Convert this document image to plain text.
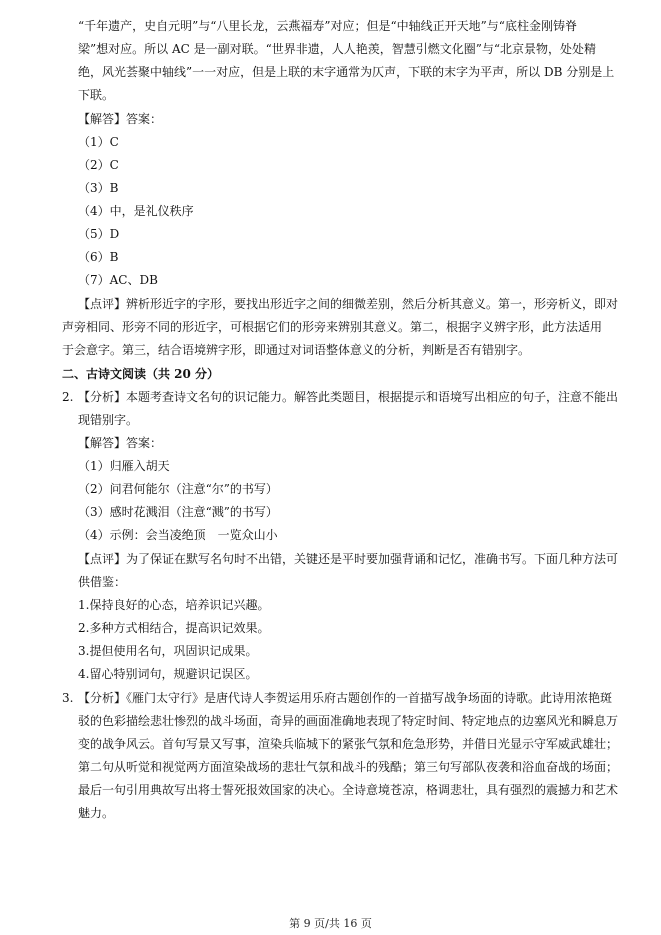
“千年遗产，史自元明”与“八里长龙，云燕福寿”对应；但是“中轴线正开天地”与“底柱金刚铸脊
梁”想对应。所以 AC 是一副对联。“世界非遗，人人艳羡，智慧引燃文化圈”与“北京景物，处处精
绝，风光荟聚中轴线”一一对应，但是上联的末字通常为仄声，下联的末字为平声，所以 DB 分别是上
下联。
【解答】答案：
（1）C
（2）C
（3）B
（4）中，是礼仪秩序
（5）D
（6）B
（7）AC、DB
【点评】辨析形近字的字形，要找出形近字之间的细微差别，然后分析其意义。第一，形旁析义，即对
声旁相同、形旁不同的形近字，可根据它们的形旁来辨别其意义。第二，根据字义辨字形，此方法适用
于会意字。第三，结合语境辨字形，即通过对词语整体意义的分析，判断是否有错别字。
二、古诗文阅读（共 20 分）
2. 【分析】本题考查诗文名句的识记能力。解答此类题目，根据提示和语境写出相应的句子，注意不能出
现错别字。
【解答】答案：
（1）归雁入胡天
（2）问君何能尔（注意“尔”的书写）
（3）感时花溅泪（注意“溅”的书写）
（4）示例：会当凌绝顶　一览众山小
【点评】为了保证在默写名句时不出错，关键还是平时要加强背诵和记忆，准确书写。下面几种方法可
供借鉴：
1.保持良好的心态，培养识记兴趣。
2.多种方式相结合，提高识记效果。
3.提但使用名句，巩固识记成果。
4.留心特别词句，规避识记误区。
3. 【分析】《雁门太守行》是唐代诗人李贺运用乐府古题创作的一首描写战争场面的诗歌。此诗用浓艳斑
驳的色彩描绘悲壮惨烈的战斗场面，奇异的画面准确地表现了特定时间、特定地点的边塞风光和瞬息万
变的战争风云。首句写景又写事，渲染兵临城下的紧张气氛和危急形势，并借日光显示守军威武雄壮；
第二句从听觉和视觉两方面渲染战场的悲壮气氛和战斗的残酷；第三句写部队夜袭和浴血奋战的场面；
最后一句引用典故写出将士誓死报效国家的决心。全诗意境苍凉，格调悲壮，具有强烈的震撼力和艺术
魅力。
第 9 页/共 16 页
